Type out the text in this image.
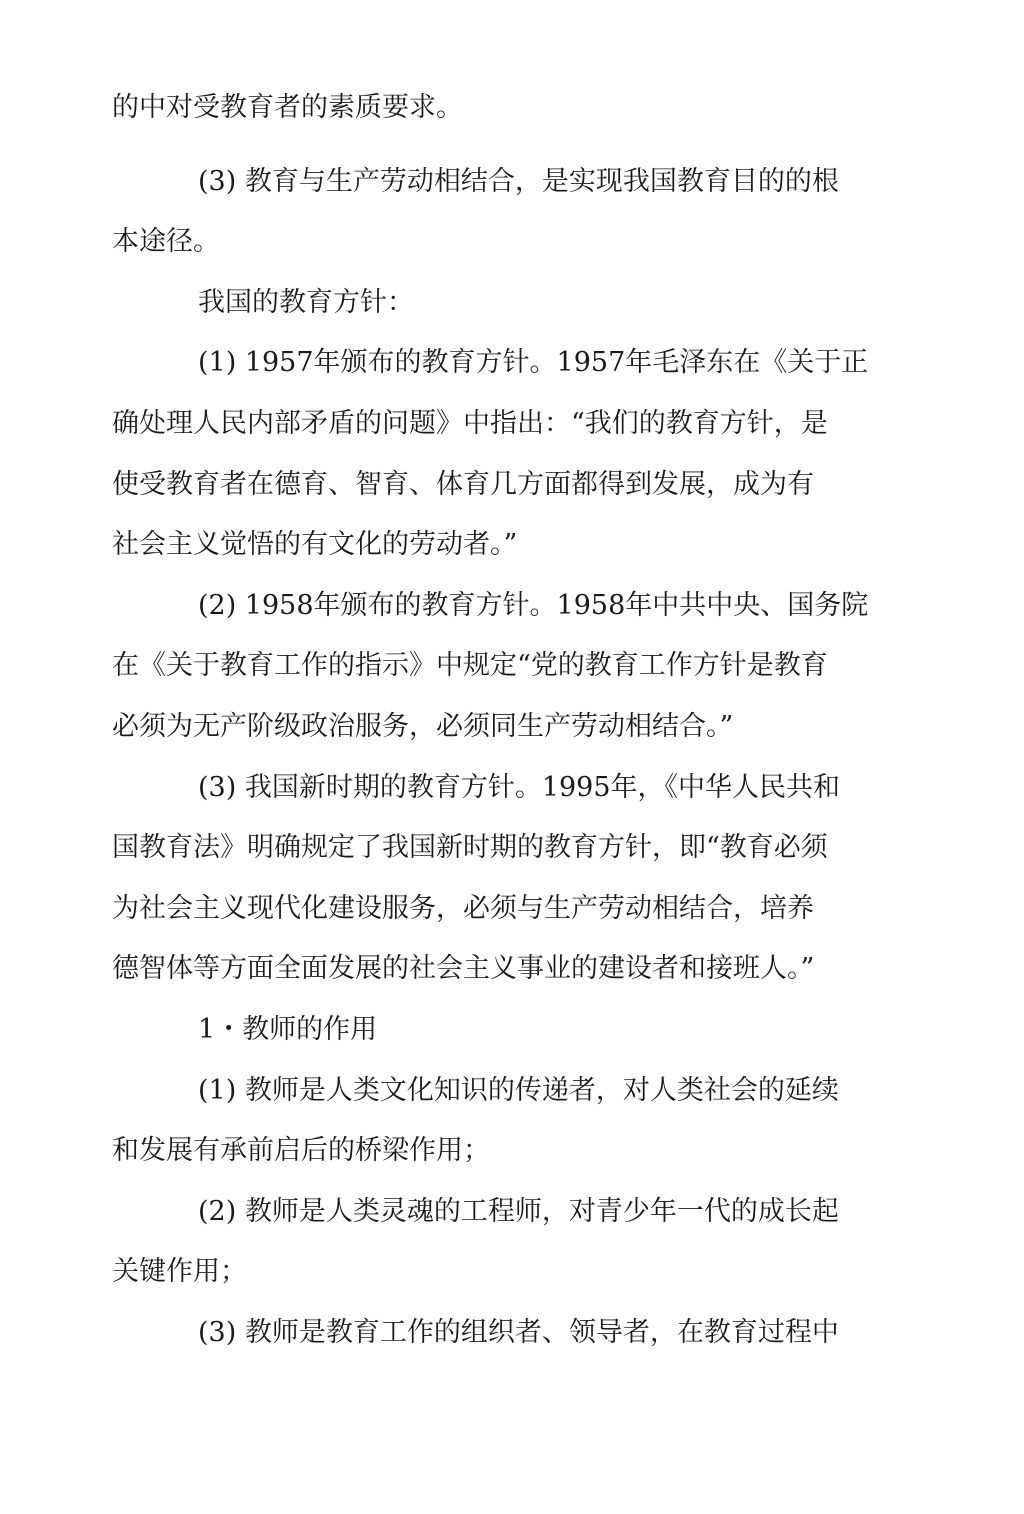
的中对受教育者的素质要求。
(3) 教育与生产劳动相结合，是实现我国教育目的的根
本途径。
我国的教育方针：
(1) 1957年颁布的教育方针。1957年毛泽东在《关于正
确处理人民内部矛盾的问题》中指出：“我们的教育方针，是
使受教育者在德育、智育、体育几方面都得到发展，成为有
社会主义觉悟的有文化的劳动者。”
(2) 1958年颁布的教育方针。1958年中共中央、国务院
在《关于教育工作的指示》中规定“党的教育工作方针是教育
必须为无产阶级政治服务，必须同生产劳动相结合。”
(3) 我国新时期的教育方针。1995年，《中华人民共和
国教育法》明确规定了我国新时期的教育方针，即“教育必须
为社会主义现代化建设服务，必须与生产劳动相结合，培养
德智体等方面全面发展的社会主义事业的建设者和接班人。”
1・教师的作用
(1) 教师是人类文化知识的传递者，对人类社会的延续
和发展有承前启后的桥梁作用；
(2) 教师是人类灵魂的工程师，对青少年一代的成长起
关键作用；
(3) 教师是教育工作的组织者、领导者，在教育过程中
